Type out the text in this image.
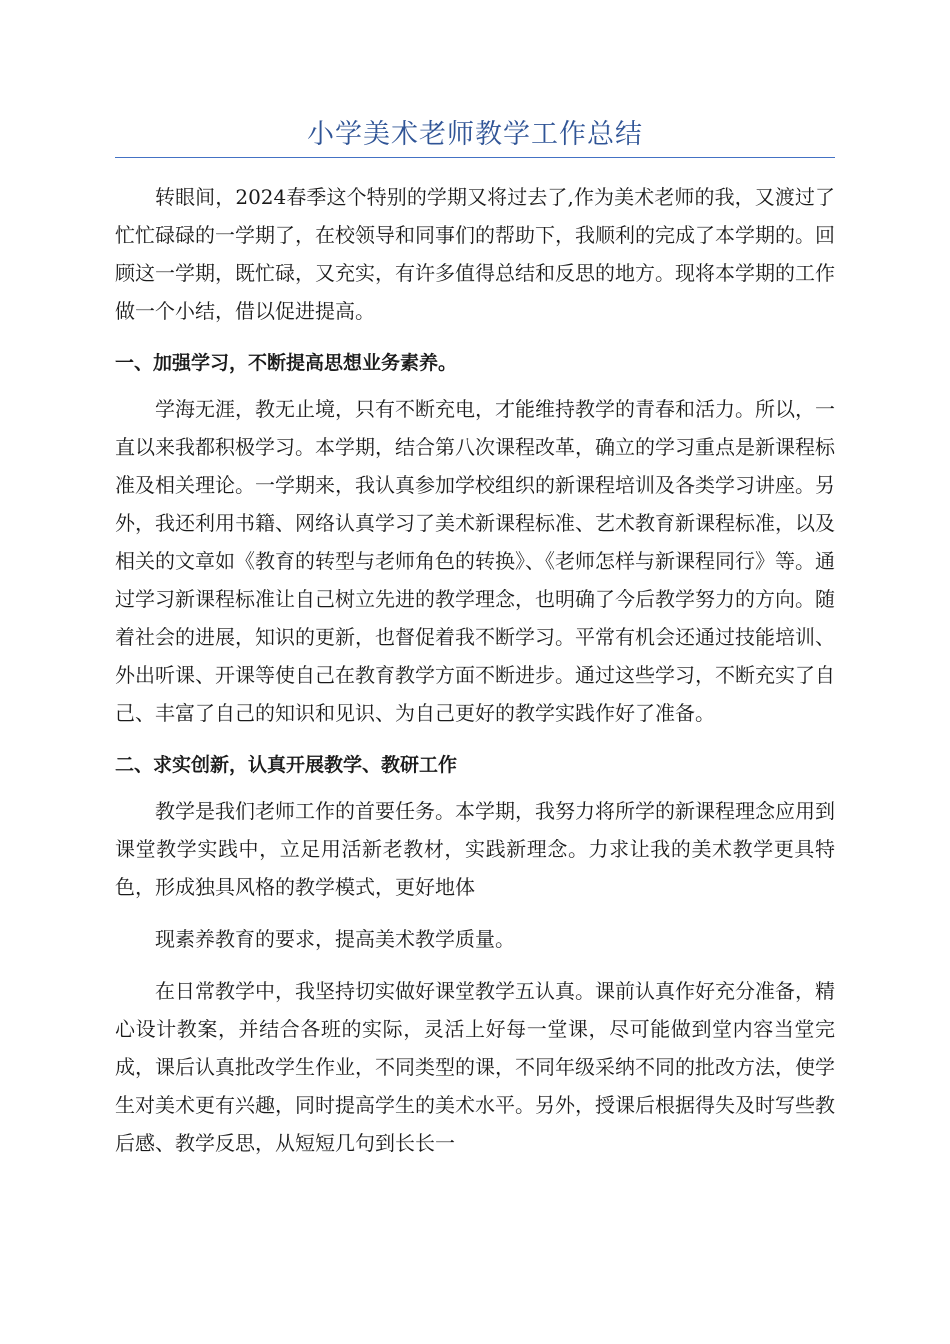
小学美术老师教学工作总结

转眼间，2024春季这个特别的学期又将过去了,作为美术老师的我，又渡过了忙忙碌碌的一学期了，在校领导和同事们的帮助下，我顺利的完成了本学期的。回顾这一学期，既忙碌，又充实，有许多值得总结和反思的地方。现将本学期的工作做一个小结，借以促进提高。

一、加强学习，不断提高思想业务素养。

学海无涯，教无止境，只有不断充电，才能维持教学的青春和活力。所以，一直以来我都积极学习。本学期，结合第八次课程改革，确立的学习重点是新课程标准及相关理论。一学期来，我认真参加学校组织的新课程培训及各类学习讲座。另外，我还利用书籍、网络认真学习了美术新课程标准、艺术教育新课程标准，以及相关的文章如《教育的转型与老师角色的转换》、《老师怎样与新课程同行》等。通过学习新课程标准让自己树立先进的教学理念，也明确了今后教学努力的方向。随着社会的进展，知识的更新，也督促着我不断学习。平常有机会还通过技能培训、外出听课、开课等使自己在教育教学方面不断进步。通过这些学习，不断充实了自己、丰富了自己的知识和见识、为自己更好的教学实践作好了准备。

二、求实创新，认真开展教学、教研工作

教学是我们老师工作的首要任务。本学期，我努力将所学的新课程理念应用到课堂教学实践中，立足用活新老教材，实践新理念。力求让我的美术教学更具特色，形成独具风格的教学模式，更好地体

现素养教育的要求，提高美术教学质量。

在日常教学中，我坚持切实做好课堂教学五认真。课前认真作好充分准备，精心设计教案，并结合各班的实际，灵活上好每一堂课，尽可能做到堂内容当堂完成，课后认真批改学生作业，不同类型的课，不同年级采纳不同的批改方法，使学生对美术更有兴趣，同时提高学生的美术水平。另外，授课后根据得失及时写些教后感、教学反思，从短短几句到长长一
